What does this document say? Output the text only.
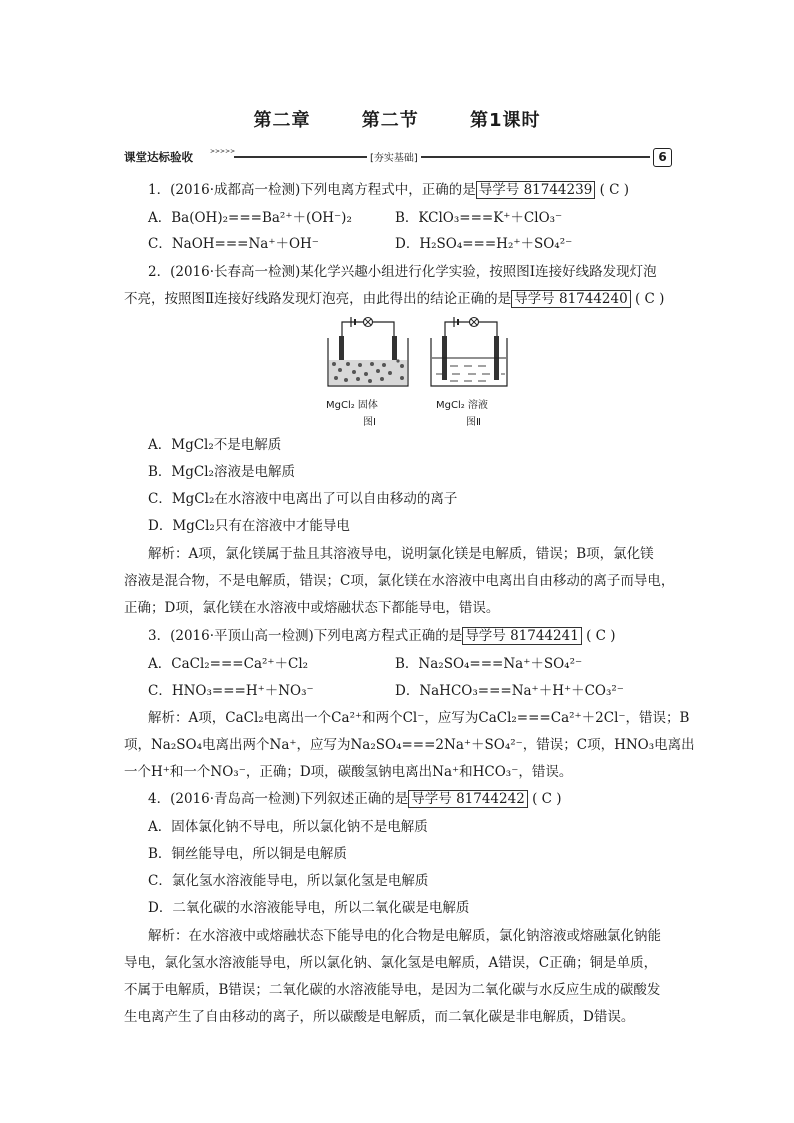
第二章	第二节	第1课时
课堂达标验收	>>>>>
[夯实基础]	6
1．(2016·成都高一检测)下列电离方程式中，正确的是 导学号 81744239 ( C )
A．Ba(OH)₂===Ba²⁺＋(OH⁻)₂	B．KClO₃===K⁺＋ClO₃⁻
C．NaOH===Na⁺＋OH⁻	D．H₂SO₄===H₂⁺＋SO₄²⁻
2．(2016·长春高一检测)某化学兴趣小组进行化学实验，按照图Ⅰ连接好线路发现灯泡
不亮，按照图Ⅱ连接好线路发现灯泡亮，由此得出的结论正确的是 导学号 81744240 ( C )
MgCl₂ 固体
图Ⅰ
MgCl₂ 溶液
图Ⅱ
A．MgCl₂不是电解质
B．MgCl₂溶液是电解质
C．MgCl₂在水溶液中电离出了可以自由移动的离子
D．MgCl₂只有在溶液中才能导电
解析：A项，氯化镁属于盐且其溶液导电，说明氯化镁是电解质，错误；B项，氯化镁
溶液是混合物，不是电解质，错误；C项，氯化镁在水溶液中电离出自由移动的离子而导电，
正确；D项，氯化镁在水溶液中或熔融状态下都能导电，错误。
3．(2016·平顶山高一检测)下列电离方程式正确的是 导学号 81744241 ( C )
A．CaCl₂===Ca²⁺＋Cl₂	B．Na₂SO₄===Na⁺＋SO₄²⁻
C．HNO₃===H⁺＋NO₃⁻	D．NaHCO₃===Na⁺＋H⁺＋CO₃²⁻
解析：A项，CaCl₂电离出一个Ca²⁺和两个Cl⁻，应写为CaCl₂===Ca²⁺＋2Cl⁻，错误；B
项，Na₂SO₄电离出两个Na⁺，应写为Na₂SO₄===2Na⁺＋SO₄²⁻，错误；C项，HNO₃电离出
一个H⁺和一个NO₃⁻，正确；D项，碳酸氢钠电离出Na⁺和HCO₃⁻，错误。
4．(2016·青岛高一检测)下列叙述正确的是 导学号 81744242 ( C )
A．固体氯化钠不导电，所以氯化钠不是电解质
B．铜丝能导电，所以铜是电解质
C．氯化氢水溶液能导电，所以氯化氢是电解质
D．二氧化碳的水溶液能导电，所以二氧化碳是电解质
解析：在水溶液中或熔融状态下能导电的化合物是电解质，氯化钠溶液或熔融氯化钠能
导电，氯化氢水溶液能导电，所以氯化钠、氯化氢是电解质，A错误，C正确；铜是单质，
不属于电解质，B错误；二氧化碳的水溶液能导电，是因为二氧化碳与水反应生成的碳酸发
生电离产生了自由移动的离子，所以碳酸是电解质，而二氧化碳是非电解质，D错误。
